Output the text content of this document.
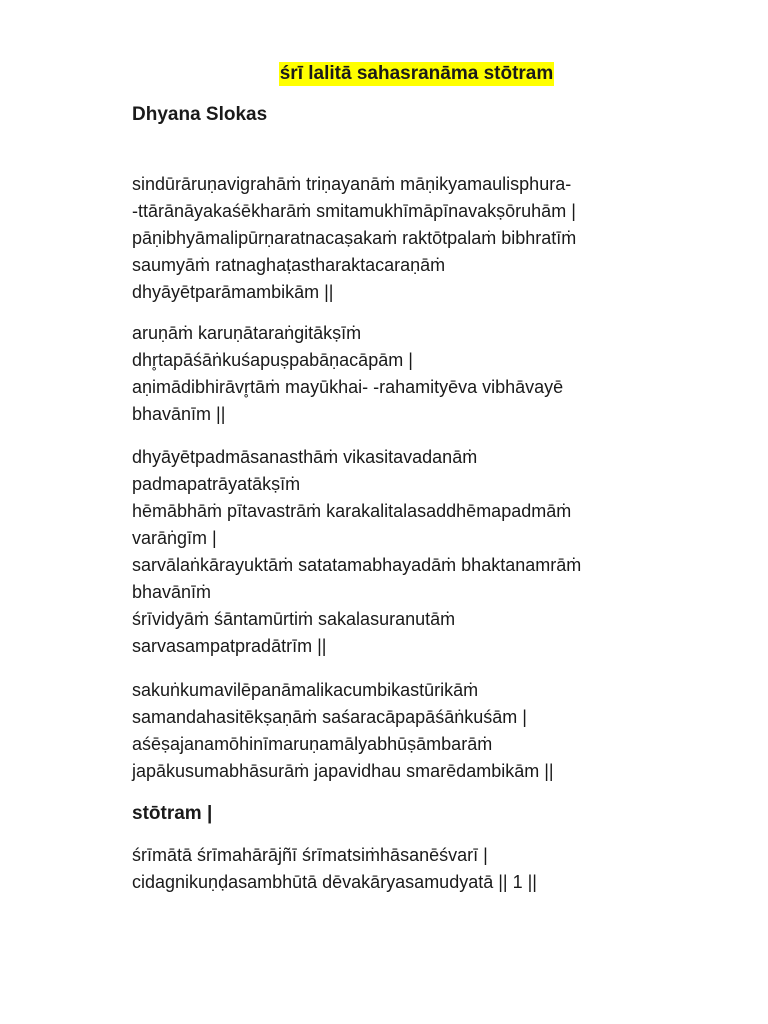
śrī lalitā sahasranāma stōtram
Dhyana Slokas
sindūrāruṇavigrahāṁ triṇayanāṁ māṇikyamaulisphura-
-ttārānāyakaśēkharāṁ smitamukhīmāpīnavakṣōruhām |
pāṇibhyāmalipūrṇaratnacaṣakaṁ raktōtpalaṁ bibhratīṁ
saumyāṁ ratnaghaṭastharaktacaraṇāṁ
dhyāyētparāmambikām ||
aruṇāṁ karuṇātaraṅgitākṣīṁ
dhr̥tapāśāṅkuśapuṣpabāṇacāpām |
aṇimādibhirāvr̥tāṁ mayūkhai- -rahamityēva vibhāvayē
bhavānīm ||
dhyāyētpadmāsanasthāṁ vikasitavadanāṁ
padmapatrāyatākṣīṁ
hēmābhāṁ pītavastrāṁ karakalitalasaddhēmapadmāṁ
varāṅgīm |
sarvālaṅkārayuktāṁ satatamabhayadāṁ bhaktanamrāṁ
bhavānīṁ
śrīvidyāṁ śāntamūrtiṁ sakalasuranutāṁ
sarvasampatpradātrīm ||
sakuṅkumavilēpanāmalikacumbikastūrikāṁ
samandahasitēkṣaṇāṁ saśaracāpapāśāṅkuśām |
aśēṣajanamōhinīmaruṇamālyabhūṣāmbarāṁ
japākusumabhāsurāṁ japavidhau smarēdambikām ||
stōtram |
śrīmātā śrīmahārājñī śrīmatsiṁhāsanēśvarī |
cidagnikuṇḍasambhūtā dēvakāryasamudyatā || 1 ||
